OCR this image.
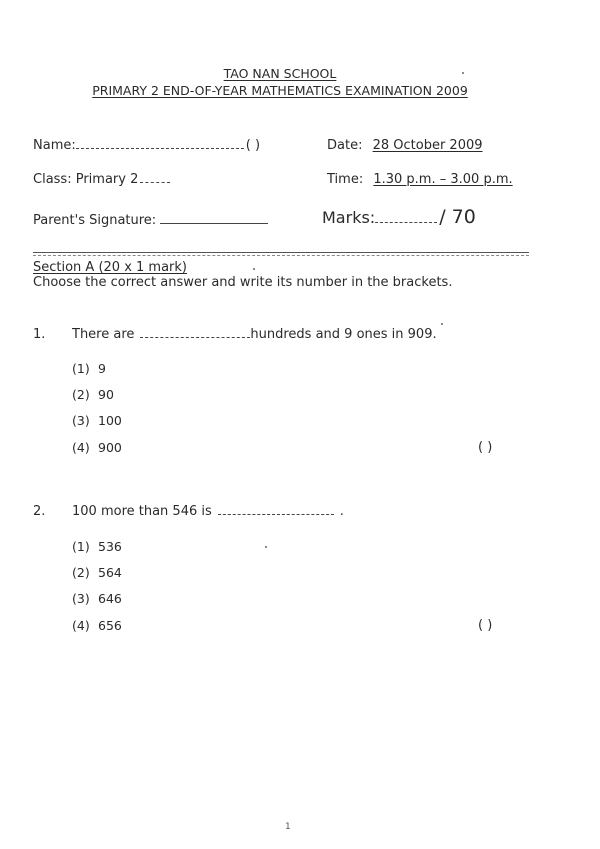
TAO NAN SCHOOL
PRIMARY 2 END-OF-YEAR MATHEMATICS EXAMINATION 2009
Name:	( )	Date: 28 October 2009
Class: Primary 2	Time: 1.30 p.m. – 3.00 p.m.
Parent's Signature:	Marks:	/ 70
Section A (20 x 1 mark)
Choose the correct answer and write its number in the brackets.
1. There are	hundreds and 9 ones in 909.
(1) 9
(2) 90
(3) 100
(4) 900	( )
2. 100 more than 546 is	.
(1) 536
(2) 564
(3) 646
(4) 656	( )
1
